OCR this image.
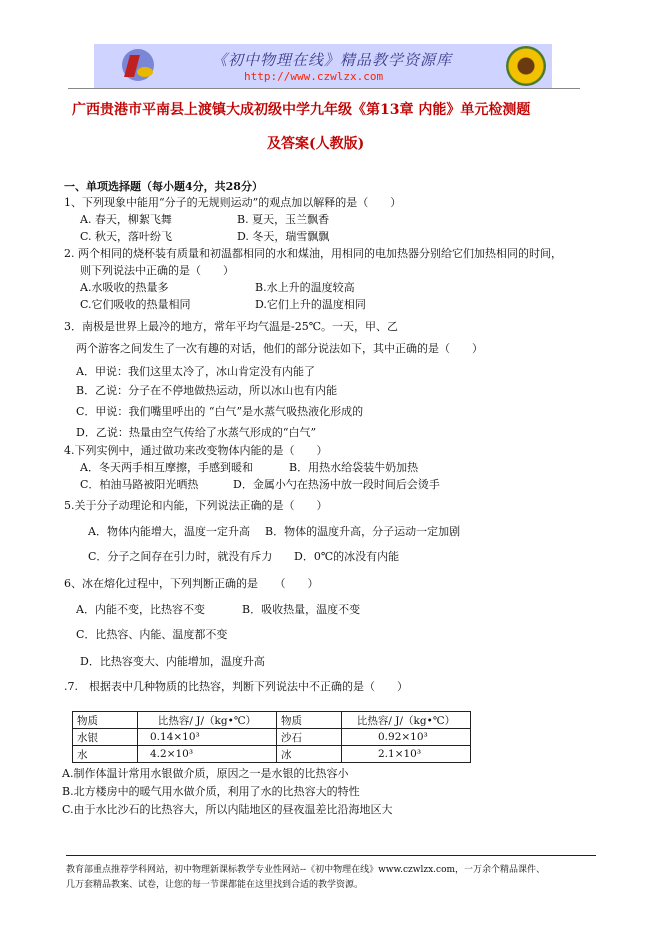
《初中物理在线》精品教学资源库
http://www.czwlzx.com
广西贵港市平南县上渡镇大成初级中学九年级《第13章 内能》单元检测题
及答案(人教版)
一、单项选择题（每小题4分，共28分）
1、下列现象中能用“分子的无规则运动”的观点加以解释的是（　　）
A. 春天，柳絮飞舞	B. 夏天，玉兰飘香
C. 秋天，落叶纷飞	D. 冬天，瑞雪飘飘
2. 两个相同的烧杯装有质量和初温都相同的水和煤油，用相同的电加热器分别给它们加热相同的时间，
则下列说法中正确的是（　　）
A.水吸收的热量多	B.水上升的温度较高
C.它们吸收的热量相同	D.它们上升的温度相同
3．南极是世界上最冷的地方，常年平均气温是-25℃。一天，甲、乙
两个游客之间发生了一次有趣的对话，他们的部分说法如下，其中正确的是（　　）
A．甲说：我们这里太冷了，冰山肯定没有内能了
B．乙说：分子在不停地做热运动，所以冰山也有内能
C．甲说：我们嘴里呼出的 “白气”是水蒸气吸热液化形成的
D．乙说：热量由空气传给了水蒸气形成的“白气”
4.下列实例中，通过做功来改变物体内能的是（　　）
A．冬天两手相互摩擦，手感到暖和	B．用热水给袋装牛奶加热
C．柏油马路被阳光晒热	D．金属小勺在热汤中放一段时间后会烫手
5.关于分子动理论和内能，下列说法正确的是（　　）
A．物体内能增大，温度一定升高 B．物体的温度升高，分子运动一定加剧
C．分子之间存在引力时，就没有斥力 D．0℃的冰没有内能
6、冰在熔化过程中，下列判断正确的是　　（　　）
A．内能不变，比热容不变	B．吸收热量，温度不变
C．比热容、内能、温度都不变
D．比热容变大、内能增加，温度升高
.7.　根据表中几种物质的比热容，判断下列说法中不正确的是（　　）
物质	比热容/ J/（kg•℃）	物质	比热容/ J/（kg•℃）
水银	0.14×10³	沙石	0.92×10³
水	4.2×10³	冰	2.1×10³
A.制作体温计常用水银做介质，原因之一是水银的比热容小
B.北方楼房中的暖气用水做介质，利用了水的比热容大的特性
C.由于水比沙石的比热容大，所以内陆地区的昼夜温差比沿海地区大
教育部重点推荐学科网站，初中物理新课标教学专业性网站--《初中物理在线》www.czwlzx.com，一万余个精品课件、
几万套精品教案、试卷，让您的每一节课都能在这里找到合适的教学资源。
